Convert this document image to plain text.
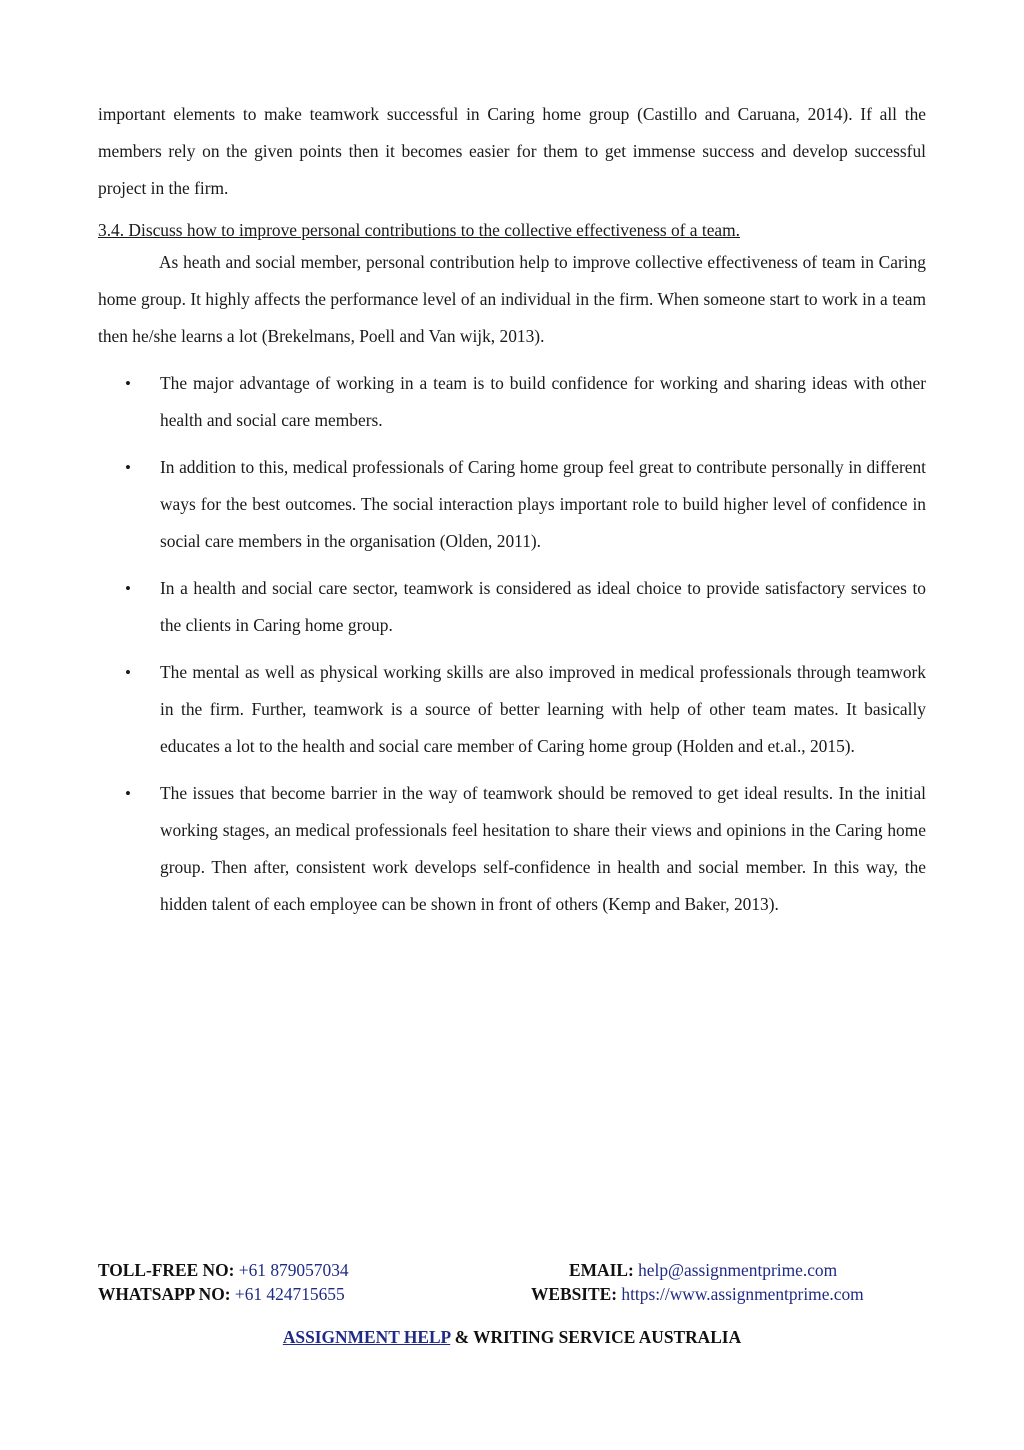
important elements to make teamwork successful in Caring home group (Castillo and Caruana, 2014). If all the members rely on the given points then it becomes easier for them to get immense success and develop successful project in the firm.

3.4. Discuss how to improve personal contributions to the collective effectiveness of a team.

As heath and social member, personal contribution help to improve collective effectiveness of team in Caring home group. It highly affects the performance level of an individual in the firm. When someone start to work in a team then he/she learns a lot (Brekelmans, Poell and Van wijk, 2013).

• The major advantage of working in a team is to build confidence for working and sharing ideas with other health and social care members.
• In addition to this, medical professionals of Caring home group feel great to contribute personally in different ways for the best outcomes. The social interaction plays important role to build higher level of confidence in social care members in the organisation (Olden, 2011).
• In a health and social care sector, teamwork is considered as ideal choice to provide satisfactory services to the clients in Caring home group.
• The mental as well as physical working skills are also improved in medical professionals through teamwork in the firm. Further, teamwork is a source of better learning with help of other team mates. It basically educates a lot to the health and social care member of Caring home group (Holden and et.al., 2015).
• The issues that become barrier in the way of teamwork should be removed to get ideal results. In the initial working stages, an medical professionals feel hesitation to share their views and opinions in the Caring home group. Then after, consistent work develops self-confidence in health and social member. In this way, the hidden talent of each employee can be shown in front of others (Kemp and Baker, 2013).
TOLL-FREE NO: +61 879057034	EMAIL: help@assignmentprime.com
WHATSAPP NO: +61 424715655	WEBSITE: https://www.assignmentprime.com
ASSIGNMENT HELP & WRITING SERVICE AUSTRALIA
